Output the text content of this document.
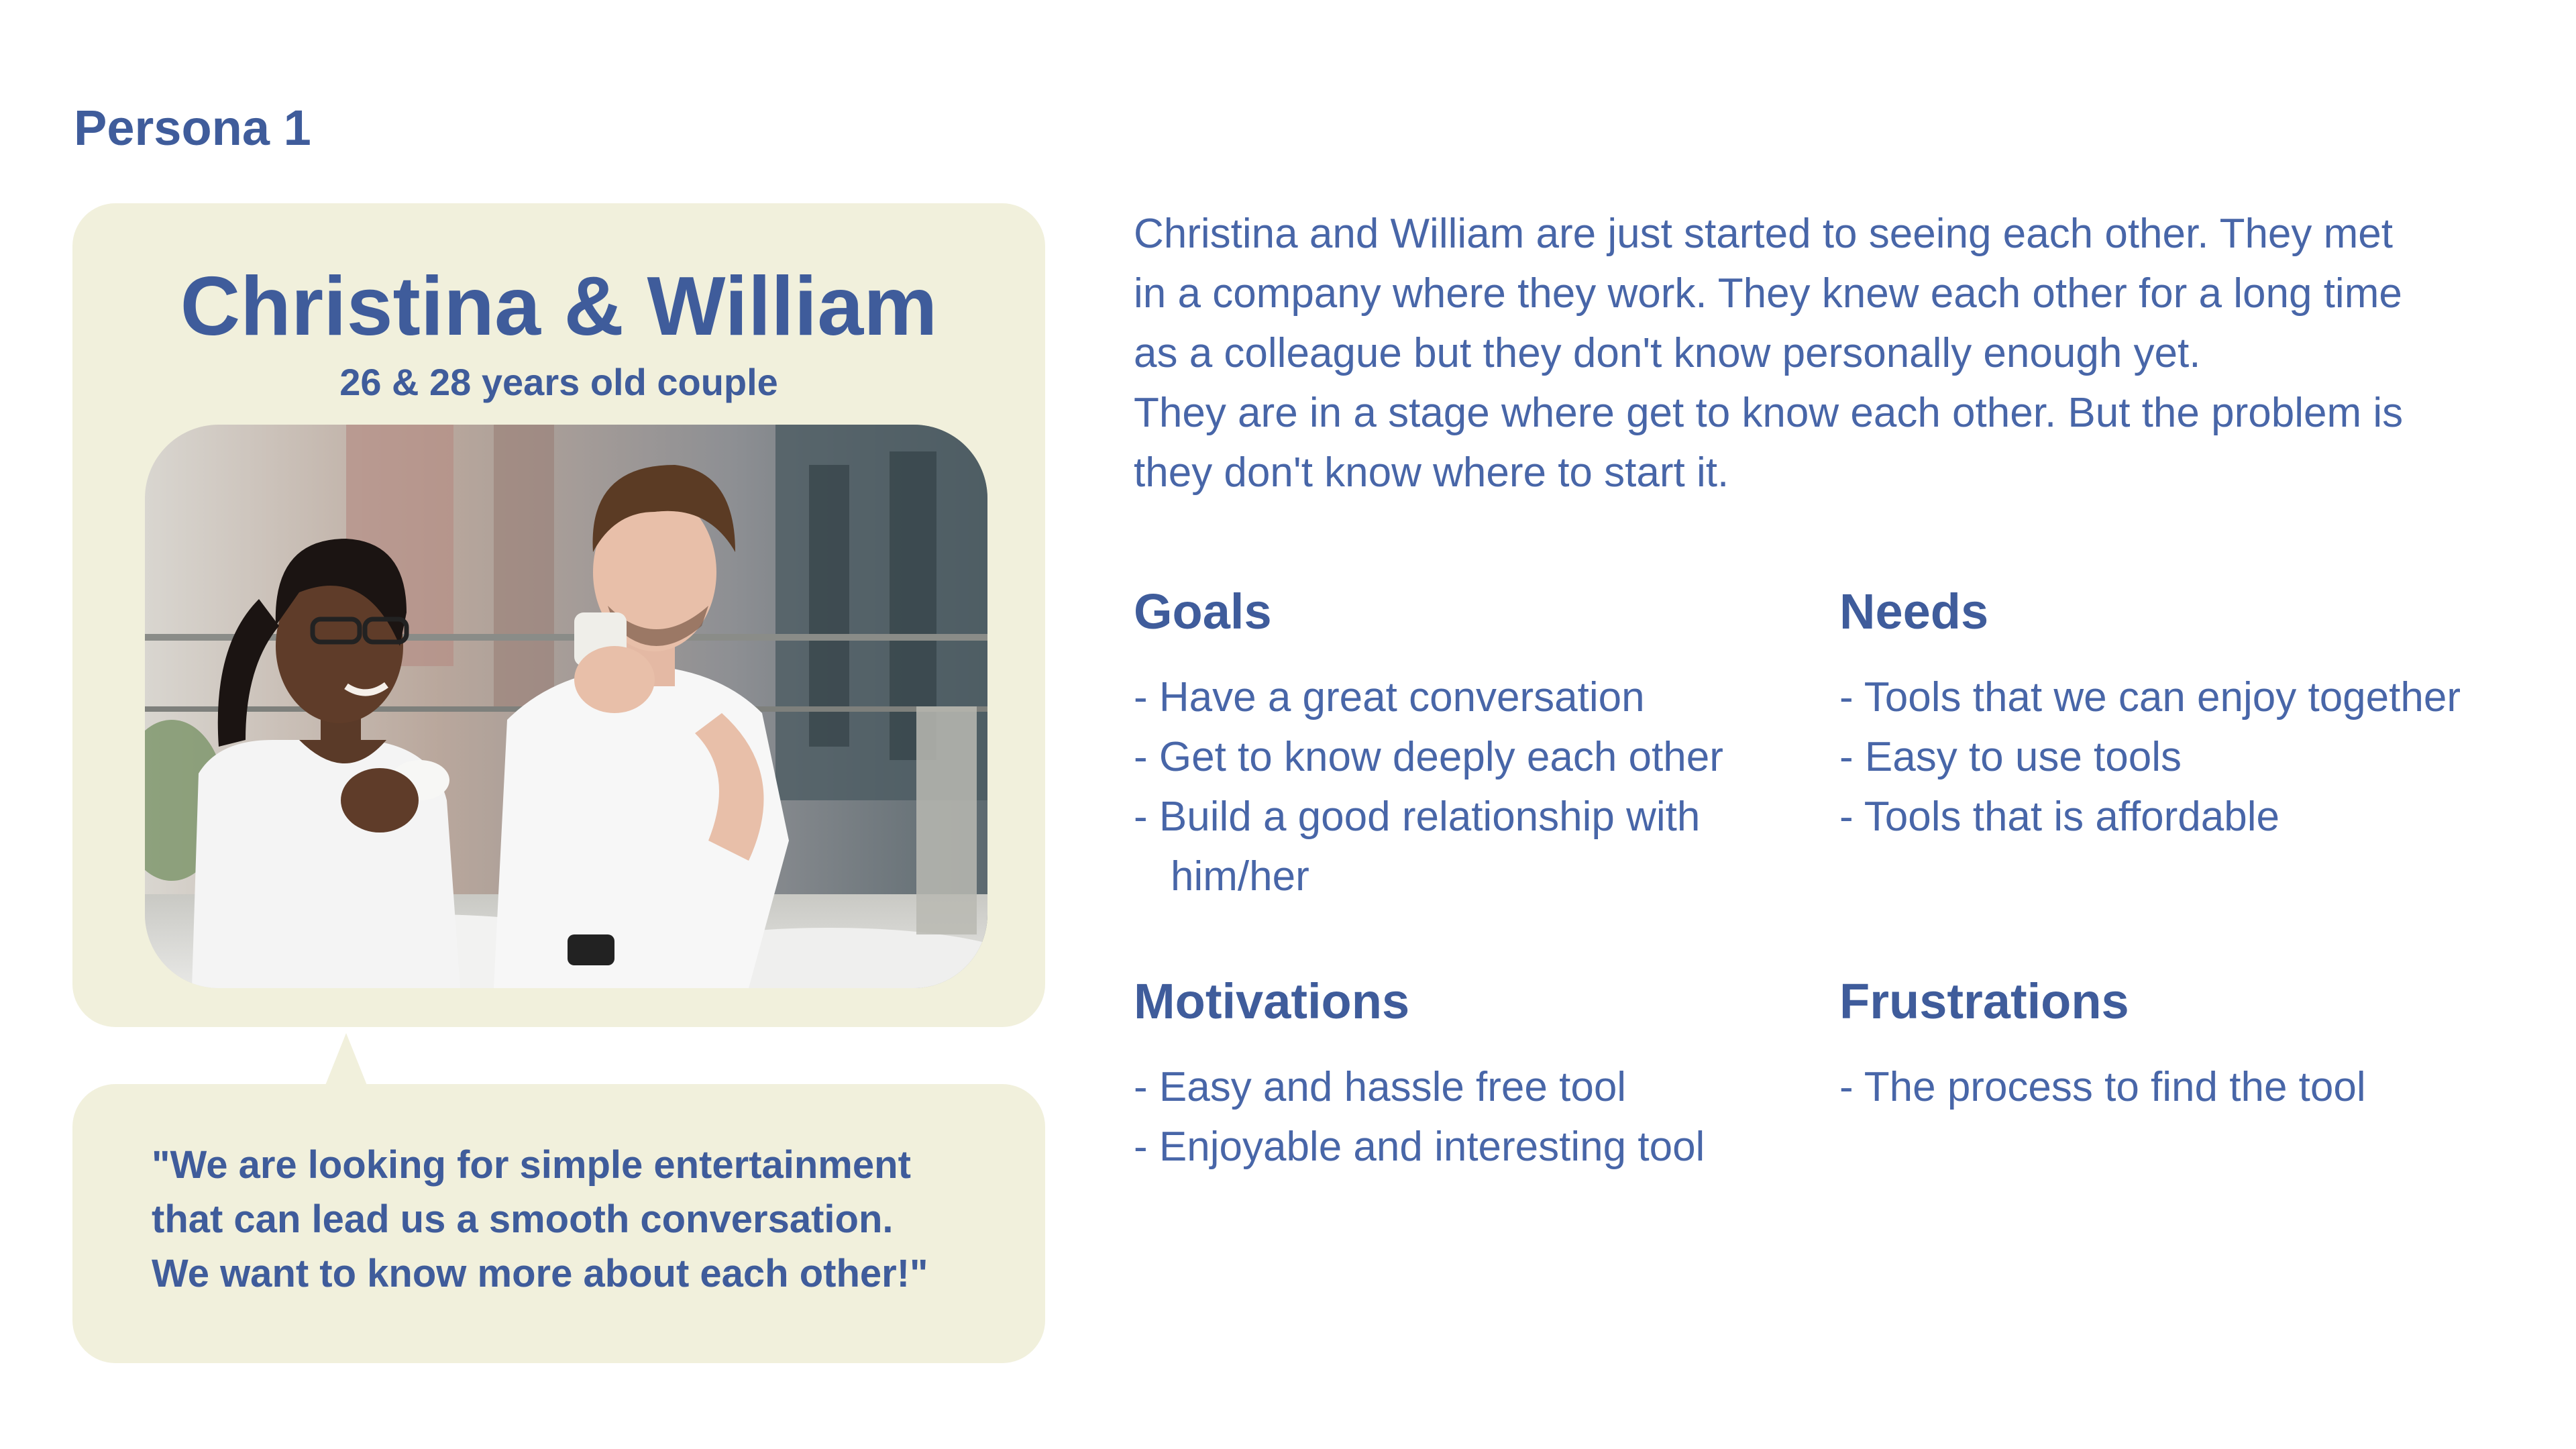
Persona 1
Christina & William
26 & 28 years old couple
"We are looking for simple entertainment
that can lead us a smooth conversation.
We want to know more about each other!"
Christina and William are just started to seeing each other. They met
in a company where they work. They knew each other for a long time
as a colleague but they don't know personally enough yet.
They are in a stage where get to know each other. But the problem is
they don't know where to start it.
Goals
- Have a great conversation
- Get to know deeply each other
- Build a good relationship with
him/her
Needs
- Tools that we can enjoy together
- Easy to use tools
- Tools that is affordable
Motivations
- Easy and hassle free tool
- Enjoyable and interesting tool
Frustrations
- The process to find the tool
